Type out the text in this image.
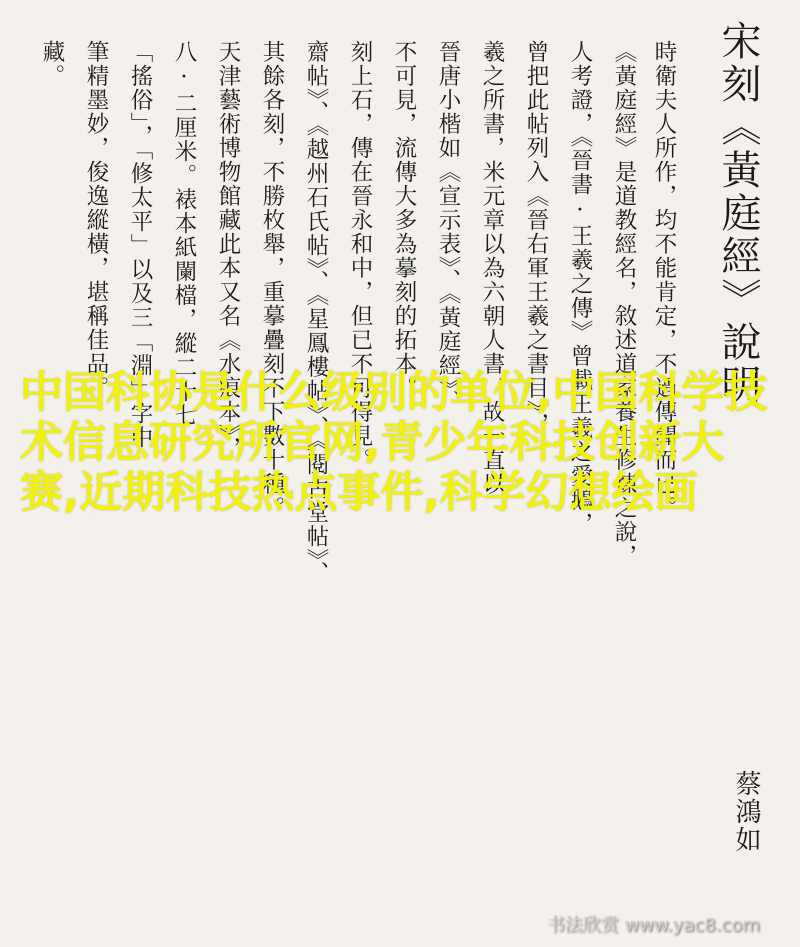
宋刻《黃庭經》說明
時衛夫人所作，均不能肯定，不過傳聞而已。
《黃庭經》是道教經名，敘述道家養生修煉之說，
人考證，《晉書·王羲之傳》曾載王羲之愛鵝，
曾把此帖列入《晉右軍王羲之書目》，
羲之所書，米元章以為六朝人書，故一直以
晉唐小楷如《宣示表》、《黃庭經》、
不可見，流傳大多為摹刻的拓本。
刻上石，傳在晉永和中，但已不可得見。
齋帖》、《越州石氏帖》、《星鳳樓帖》、《閱古堂帖》、
其餘各刻，不勝枚舉，重摹疊刻不下數十種。
天津藝術博物館藏此本又名《水痕本》，
八·二厘米。裱本紙闌檔，縱二十七·
「搖俗」，「修太平」以及三「淵」字中
筆精墨妙，俊逸縱橫，堪稱佳品。
藏。
蔡鴻如
中国科协是什么级别的单位,中国科学技术信息研究所官网,青少年科技创新大赛,近期科技热点事件,科学幻想绘画
书法欣赏 www.yac8.com
